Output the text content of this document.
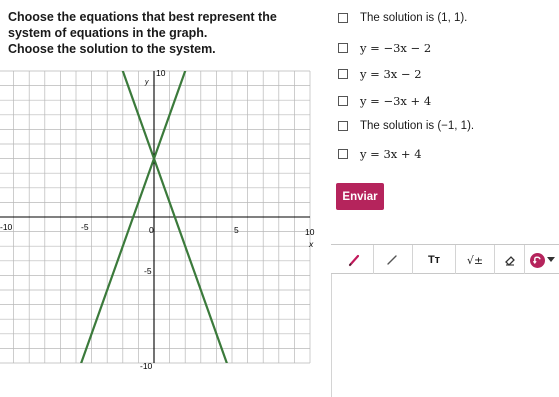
Choose the equations that best represent the

system of equations in the graph.

Choose the solution to the system.

-10	-5	0	5	10
x
10
y
-5
-10
The solution is (1, 1).
y = −3x − 2
y = 3x − 2
y = −3x + 4
The solution is (−1, 1).
y = 3x + 4
Enviar
Tт √±
